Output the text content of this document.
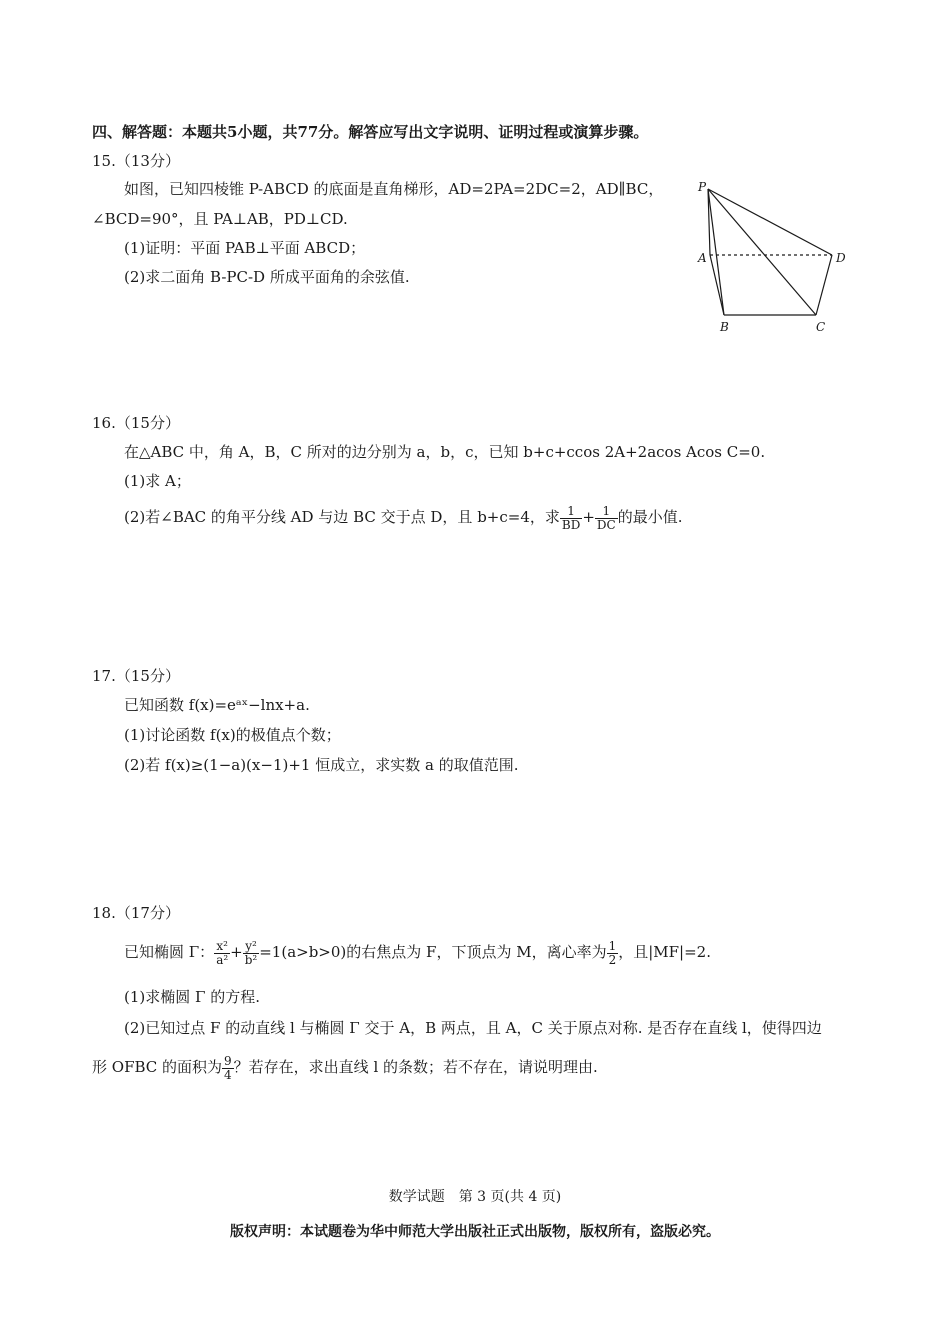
四、解答题：本题共5小题，共77分。解答应写出文字说明、证明过程或演算步骤。
15.（13分）
如图，已知四棱锥 P-ABCD 的底面是直角梯形，AD=2PA=2DC=2，AD∥BC，
∠BCD=90°，且 PA⊥AB，PD⊥CD.
(1)证明：平面 PAB⊥平面 ABCD；
(2)求二面角 B-PC-D 所成平面角的余弦值.
P
A
B	C
D
16.（15分）
在△ABC 中，角 A，B，C 所对的边分别为 a，b，c，已知 b+c+ccos 2A+2acos Acos C=0.
(1)求 A；
(2)若∠BAC 的角平分线 AD 与边 BC 交于点 D，且 b+c=4，求 $\frac{1}{BD} + \frac{1}{DC}$ 的最小值.
17.（15分）
已知函数 f(x)=eᵃˣ−lnx+a.
(1)讨论函数 f(x)的极值点个数；
(2)若 f(x)≥(1−a)(x−1)+1 恒成立，求实数 a 的取值范围.
18.（17分）
已知椭圆 Γ： $\frac{\text{x²}}{\text{a²}} + \frac{\text{y²}}{\text{b²}} =1(a>b>0)$的右焦点为 F，下顶点为 M，离心率为 $\frac{1}{2}$ ，且|MF|=2.
(1)求椭圆 Γ 的方程.
(2)已知过点 F 的动直线 l 与椭圆 Γ 交于 A，B 两点，且 A，C 关于原点对称. 是否存在直线 l，使得四边
形 OFBC 的面积为 $\frac{9}{4}$ ？若存在，求出直线 l 的条数；若不存在，请说明理由.
数学试题　第 3 页(共 4 页)
版权声明：本试题卷为华中师范大学出版社正式出版物，版权所有，盗版必究。
